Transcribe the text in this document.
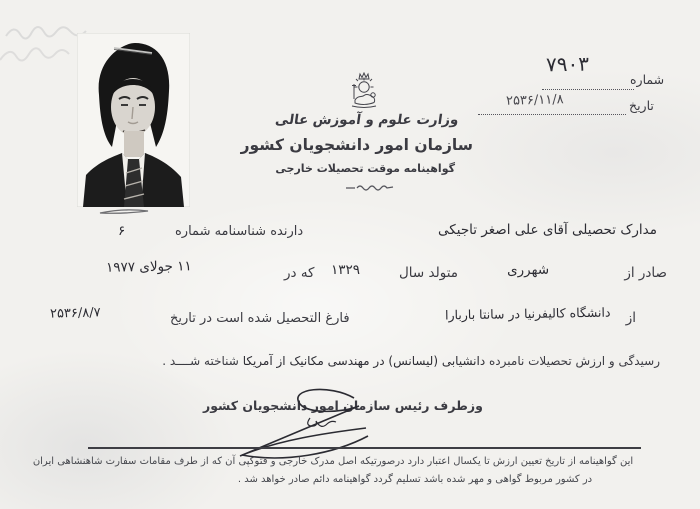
شماره
۷۹۰۳
تاریخ
۲۵۳۶/۱۱/۸
وزارت علوم و آموزش عالی
سازمان امور دانشجویان کشور
گواهینامه موقت تحصیلات خارجی
مدارک تحصیلی آقای علی اصغر تاجیکی
دارنده شناسنامه شماره
۶
صادر از
شهرری
متولد سال
۱۳۲۹
که در
۱۱ جولای ۱۹۷۷
از
دانشگاه کالیفرنیا در سانتا باربارا
فارغ التحصیل شده است در تاریخ
۲۵۳۶/۸/۷
رسیدگی و ارزش تحصیلات نامبرده دانشیابی (لیسانس) در مهندسی مکانیک از آمریکا شناخته شــــد .
وزطرف رئیس سازمان امور دانشجویان کشور
این گواهینامه از تاریخ تعیین ارزش تا یکسال اعتبار دارد درصورتیکه اصل مدرک خارجی و فتوکپی آن که از طرف مقامات سفارت شاهنشاهی ایران
در کشور مربوط گواهی و مهر شده باشد تسلیم گردد گواهینامه دائم صادر خواهد شد .
